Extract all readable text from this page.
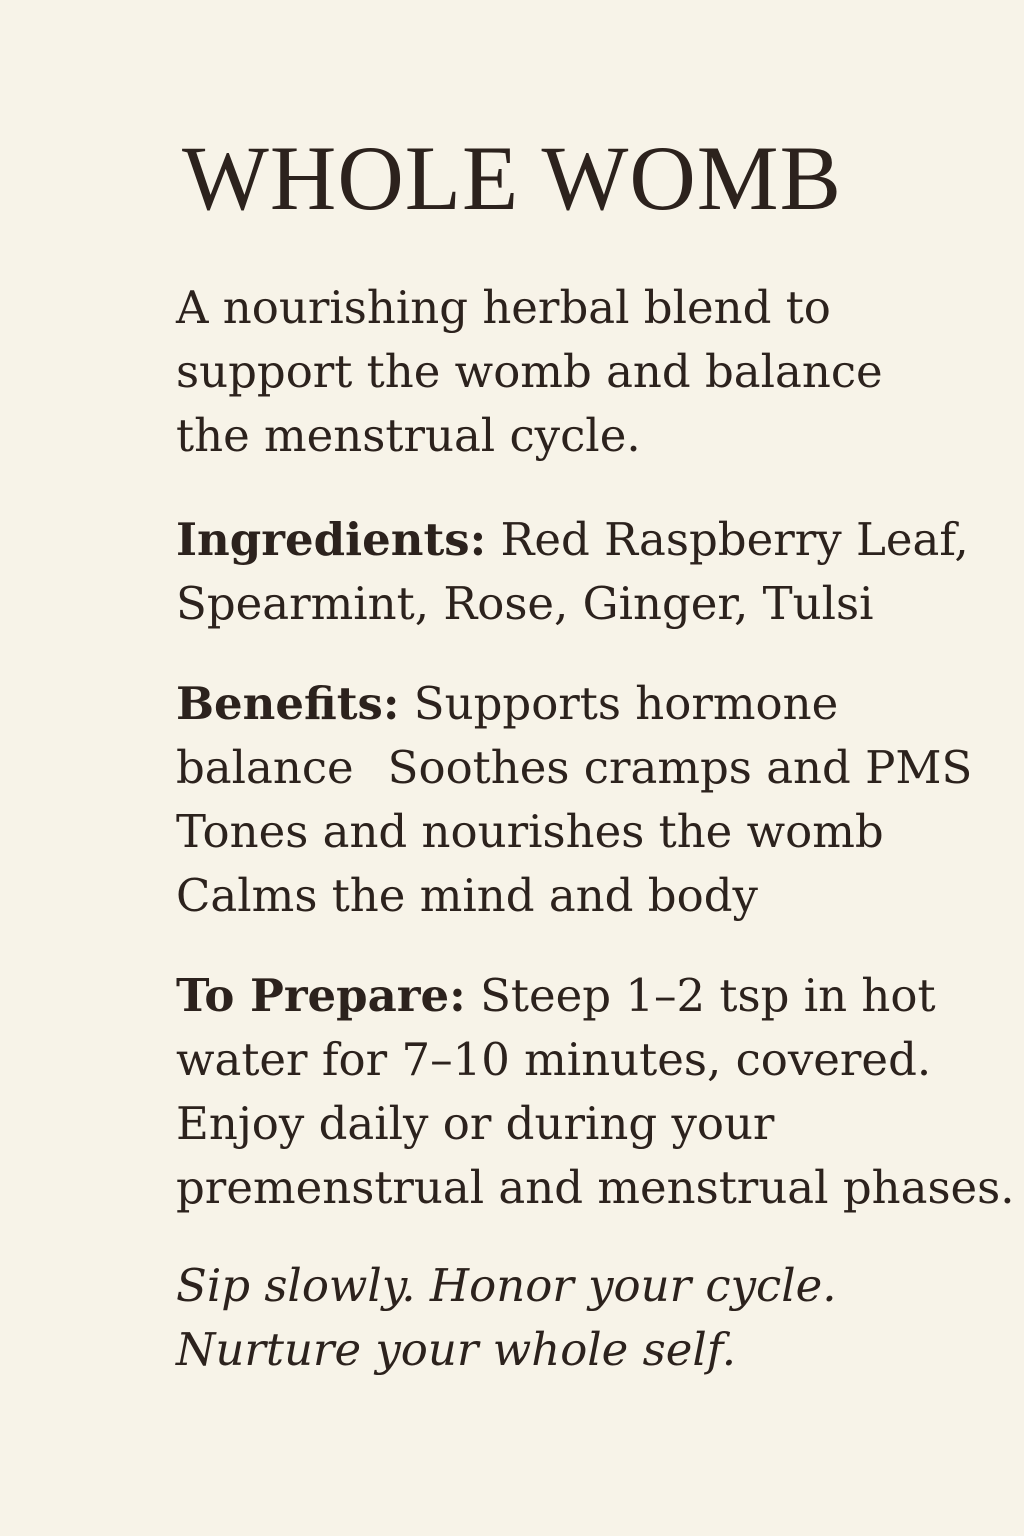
WHOLE WOMB

A nourishing herbal blend to
support the womb and balance
the menstrual cycle.

Ingredients: Red Raspberry Leaf,
Spearmint, Rose, Ginger, Tulsi

Benefits: Supports hormone
balance Soothes cramps and PMS
Tones and nourishes the womb
Calms the mind and body

To Prepare: Steep 1–2 tsp in hot
water for 7–10 minutes, covered.
Enjoy daily or during your
premenstrual and menstrual phases.

Sip slowly. Honor your cycle.
Nurture your whole self.
